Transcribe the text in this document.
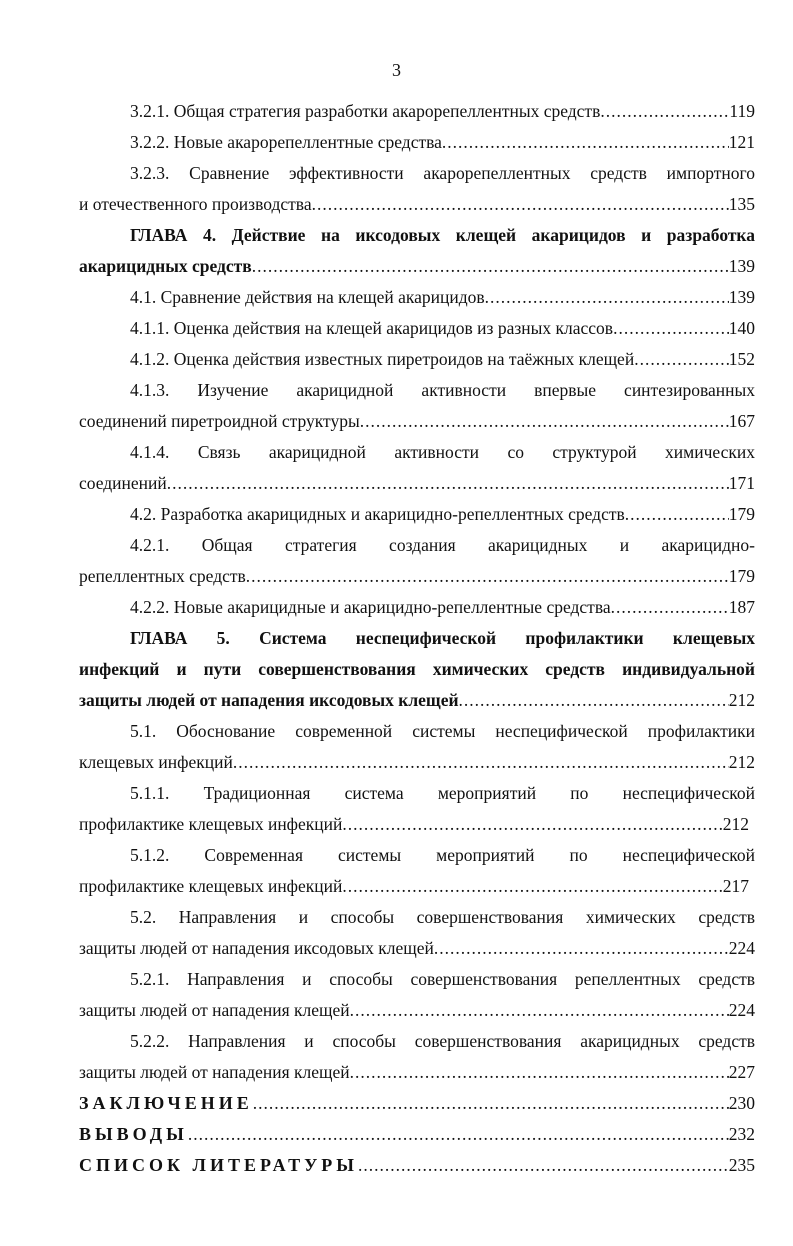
3
3.2.1. Общая стратегия разработки акарорепеллентных средств .....	119
3.2.2. Новые акарорепеллентные средства .....	121
3.2.3. Сравнение эффективности акарорепеллентных средств импортного
и отечественного производства .....	135
ГЛАВА 4. Действие на иксодовых клещей акарицидов и разработка
акарицидных средств .....	139
4.1. Сравнение действия на клещей акарицидов .....	139
4.1.1. Оценка действия на клещей акарицидов из разных классов .....	140
4.1.2. Оценка действия известных пиретроидов на таёжных клещей .....	152
4.1.3. Изучение акарицидной активности впервые синтезированных
соединений пиретроидной структуры .....	167
4.1.4. Связь акарицидной активности со структурой химических
соединений .....	171
4.2. Разработка акарицидных и акарицидно-репеллентных средств .....	179
4.2.1. Общая стратегия создания акарицидных и акарицидно-
репеллентных средств .....	179
4.2.2. Новые акарицидные и акарицидно-репеллентные средства .....	187
ГЛАВА 5. Система неспецифической профилактики клещевых
инфекций и пути совершенствования химических средств индивидуальной
защиты людей от нападения иксодовых клещей .....	212
5.1. Обоснование современной системы неспецифической профилактики
клещевых инфекций .....	212
5.1.1. Традиционная система мероприятий по неспецифической
профилактике клещевых инфекций .....	212
5.1.2. Современная системы мероприятий по неспецифической
профилактике клещевых инфекций .....	217
5.2. Направления и способы совершенствования химических средств
защиты людей от нападения иксодовых клещей .....	224
5.2.1. Направления и способы совершенствования репеллентных средств
защиты людей от нападения клещей .....	224
5.2.2. Направления и способы совершенствования акарицидных средств
защиты людей от нападения клещей .....	227
ЗАКЛЮЧЕНИЕ .....	230
ВЫВОДЫ .....	232
СПИСОК ЛИТЕРАТУРЫ .....	235
